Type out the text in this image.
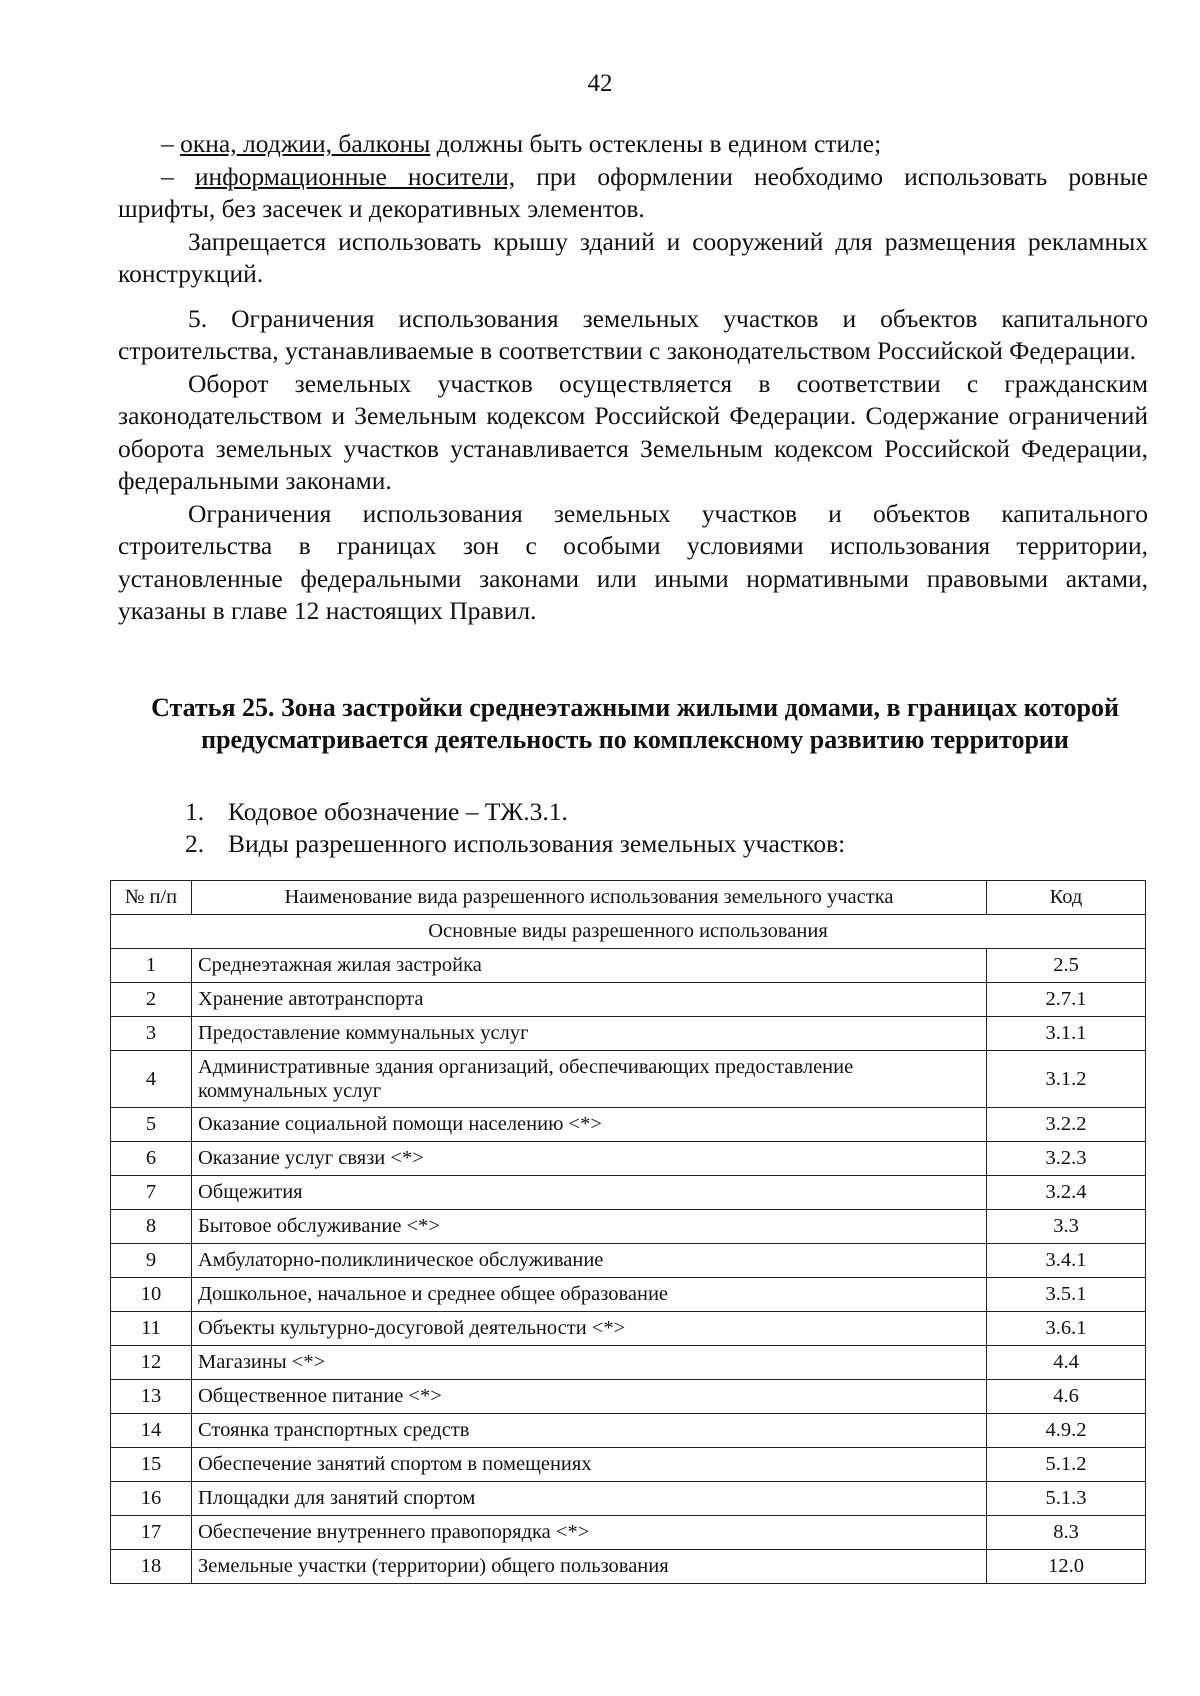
42

– окна, лоджии, балконы должны быть остеклены в едином стиле;

– информационные носители, при оформлении необходимо использовать ровные шрифты, без засечек и декоративных элементов.

Запрещается использовать крышу зданий и сооружений для размещения рекламных конструкций.

5. Ограничения использования земельных участков и объектов капитального строительства, устанавливаемые в соответствии с законодательством Российской Федерации.

Оборот земельных участков осуществляется в соответствии с гражданским законодательством и Земельным кодексом Российской Федерации. Содержание ограничений оборота земельных участков устанавливается Земельным кодексом Российской Федерации, федеральными законами.

Ограничения использования земельных участков и объектов капитального строительства в границах зон с особыми условиями использования территории, установленные федеральными законами или иными нормативными правовыми актами, указаны в главе 12 настоящих Правил.

Статья 25. Зона застройки среднеэтажными жилыми домами, в границах которой предусматривается деятельность по комплексному развитию территории
1. Кодовое обозначение – ТЖ.3.1.
2. Виды разрешенного использования земельных участков:
№ п/п	Наименование вида разрешенного использования земельного участка	Код
Основные виды разрешенного использования		
1	Среднеэтажная жилая застройка	2.5
2	Хранение автотранспорта	2.7.1
3	Предоставление коммунальных услуг	3.1.1
4	Административные здания организаций, обеспечивающих предоставление коммунальных услуг	3.1.2
5	Оказание социальной помощи населению <*>	3.2.2
6	Оказание услуг связи <*>	3.2.3
7	Общежития	3.2.4
8	Бытовое обслуживание <*>	3.3
9	Амбулаторно-поликлиническое обслуживание	3.4.1
10	Дошкольное, начальное и среднее общее образование	3.5.1
11	Объекты культурно-досуговой деятельности <*>	3.6.1
12	Магазины <*>	4.4
13	Общественное питание <*>	4.6
14	Стоянка транспортных средств	4.9.2
15	Обеспечение занятий спортом в помещениях	5.1.2
16	Площадки для занятий спортом	5.1.3
17	Обеспечение внутреннего правопорядка <*>	8.3
18	Земельные участки (территории) общего пользования	12.0
